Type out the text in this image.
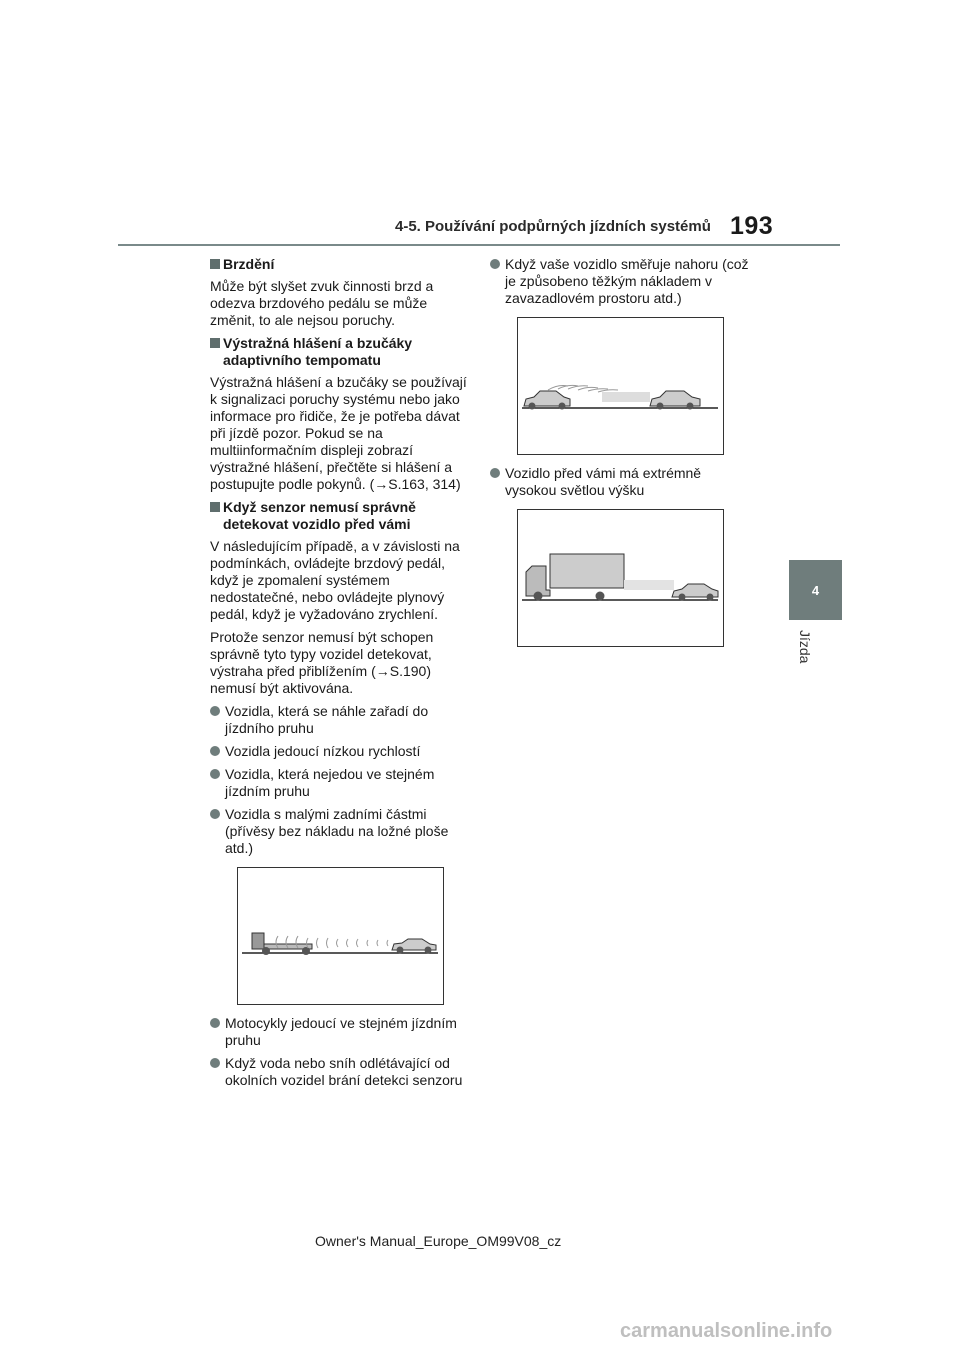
4-5. Používání podpůrných jízdních systémů 193
4
Jízda
Brzdění

Může být slyšet zvuk činnosti brzd a odezva brzdového pedálu se může změnit, to ale nejsou poruchy.

Výstražná hlášení a bzučáky adaptivního tempomatu

Výstražná hlášení a bzučáky se používají k signalizaci poruchy systému nebo jako informace pro řidiče, že je potřeba dávat při jízdě pozor. Pokud se na multiinformačním displeji zobrazí výstražné hlášení, přečtěte si hlášení a postupujte podle pokynů. (→S.163, 314)

Když senzor nemusí správně detekovat vozidlo před vámi

V následujícím případě, a v závislosti na podmínkách, ovládejte brzdový pedál, když je zpomalení systémem nedostatečné, nebo ovládejte plynový pedál, když je vyžadováno zrychlení.

Protože senzor nemusí být schopen správně tyto typy vozidel detekovat, výstraha před přiblížením (→S.190) nemusí být aktivována.

Vozidla, která se náhle zařadí do jízdního pruhu
Vozidla jedoucí nízkou rychlostí
Vozidla, která nejedou ve stejném jízdním pruhu
Vozidla s malými zadními částmi (přívěsy bez nákladu na ložné ploše atd.)
Motocykly jedoucí ve stejném jízdním pruhu
Když voda nebo sníh odlétávající od okolních vozidel brání detekci senzoru
Když vaše vozidlo směřuje nahoru (což je způsobeno těžkým nákladem v zavazadlovém prostoru atd.)
Vozidlo před vámi má extrémně vysokou světlou výšku
Owner's Manual_Europe_OM99V08_cz
carmanualsonline.info
